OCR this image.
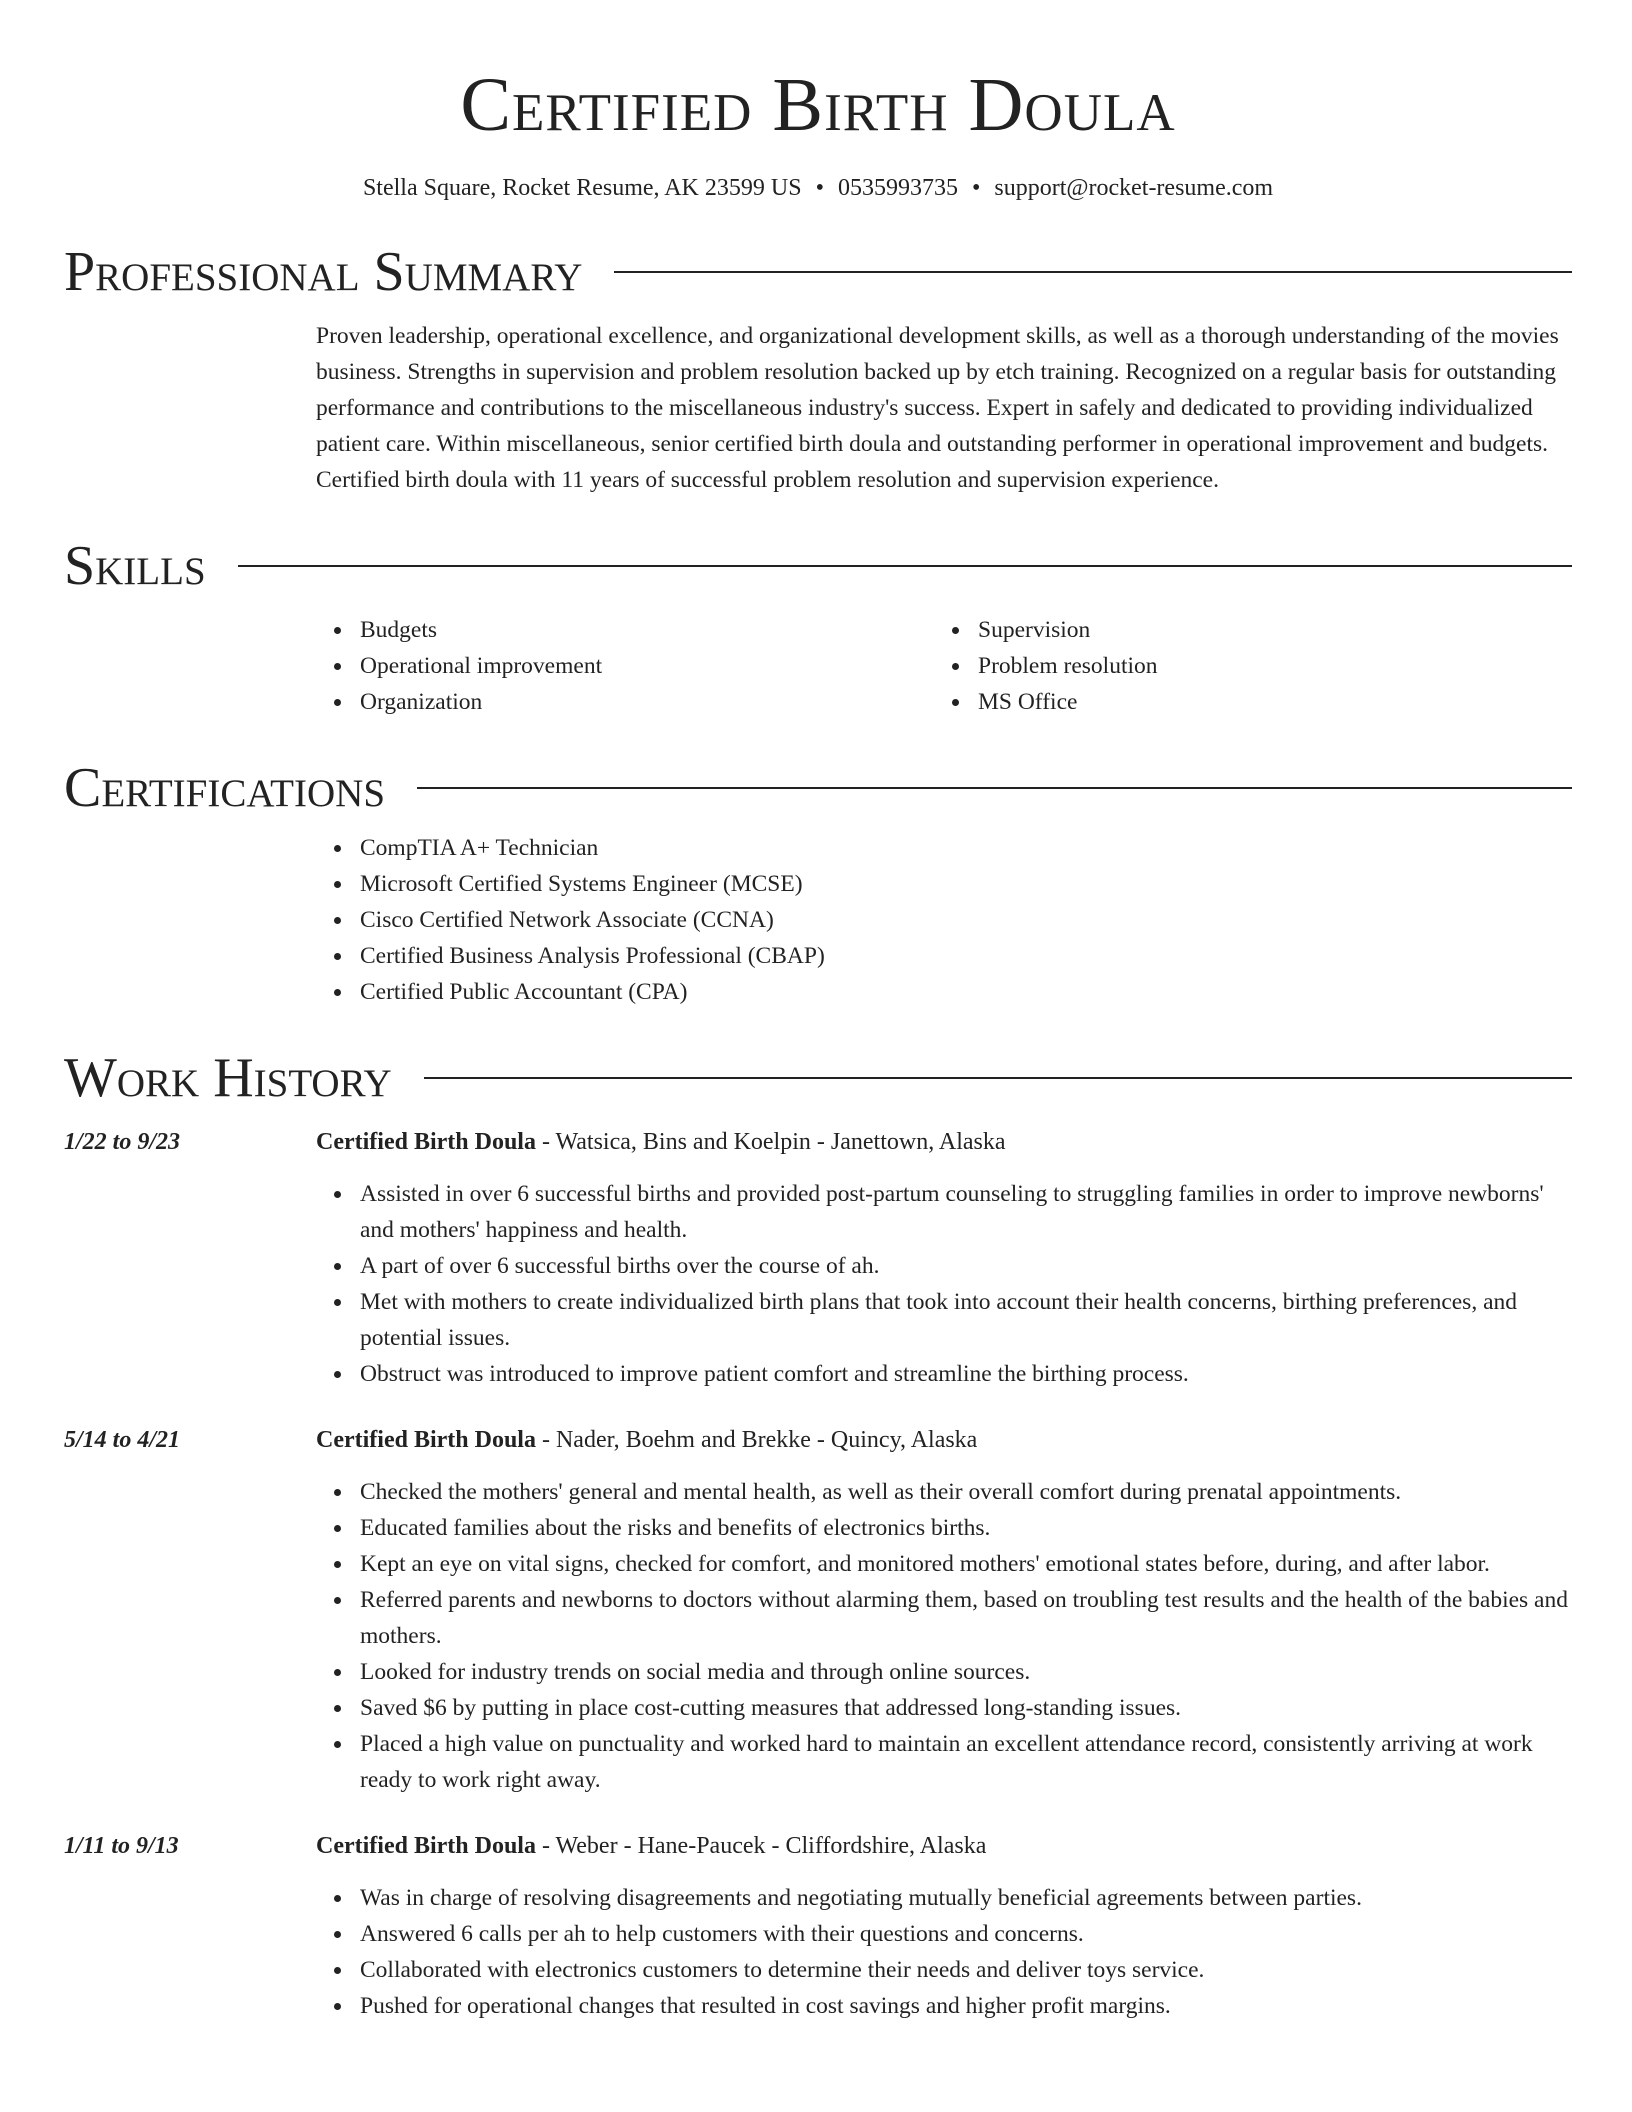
Certified Birth Doula
Stella Square, Rocket Resume, AK 23599 US • 0535993735 • support@rocket-resume.com
Professional Summary

Proven leadership, operational excellence, and organizational development skills, as well as a thorough understanding of the movies business. Strengths in supervision and problem resolution backed up by etch training. Recognized on a regular basis for outstanding performance and contributions to the miscellaneous industry's success. Expert in safely and dedicated to providing individualized patient care. Within miscellaneous, senior certified birth doula and outstanding performer in operational improvement and budgets. Certified birth doula with 11 years of successful problem resolution and supervision experience.

Skills
Budgets
Operational improvement
Organization
Supervision
Problem resolution
MS Office
Certifications
CompTIA A+ Technician
Microsoft Certified Systems Engineer (MCSE)
Cisco Certified Network Associate (CCNA)
Certified Business Analysis Professional (CBAP)
Certified Public Accountant (CPA)
Work History
1/22 to 9/23	Certified Birth Doula - Watsica, Bins and Koelpin - Janettown, Alaska
Assisted in over 6 successful births and provided post-partum counseling to struggling families in order to improve newborns' and mothers' happiness and health.
A part of over 6 successful births over the course of ah.
Met with mothers to create individualized birth plans that took into account their health concerns, birthing preferences, and potential issues.
Obstruct was introduced to improve patient comfort and streamline the birthing process.
5/14 to 4/21	Certified Birth Doula - Nader, Boehm and Brekke - Quincy, Alaska
Checked the mothers' general and mental health, as well as their overall comfort during prenatal appointments.
Educated families about the risks and benefits of electronics births.
Kept an eye on vital signs, checked for comfort, and monitored mothers' emotional states before, during, and after labor.
Referred parents and newborns to doctors without alarming them, based on troubling test results and the health of the babies and mothers.
Looked for industry trends on social media and through online sources.
Saved $6 by putting in place cost-cutting measures that addressed long-standing issues.
Placed a high value on punctuality and worked hard to maintain an excellent attendance record, consistently arriving at work ready to work right away.
1/11 to 9/13	Certified Birth Doula - Weber - Hane-Paucek - Cliffordshire, Alaska
Was in charge of resolving disagreements and negotiating mutually beneficial agreements between parties.
Answered 6 calls per ah to help customers with their questions and concerns.
Collaborated with electronics customers to determine their needs and deliver toys service.
Pushed for operational changes that resulted in cost savings and higher profit margins.
